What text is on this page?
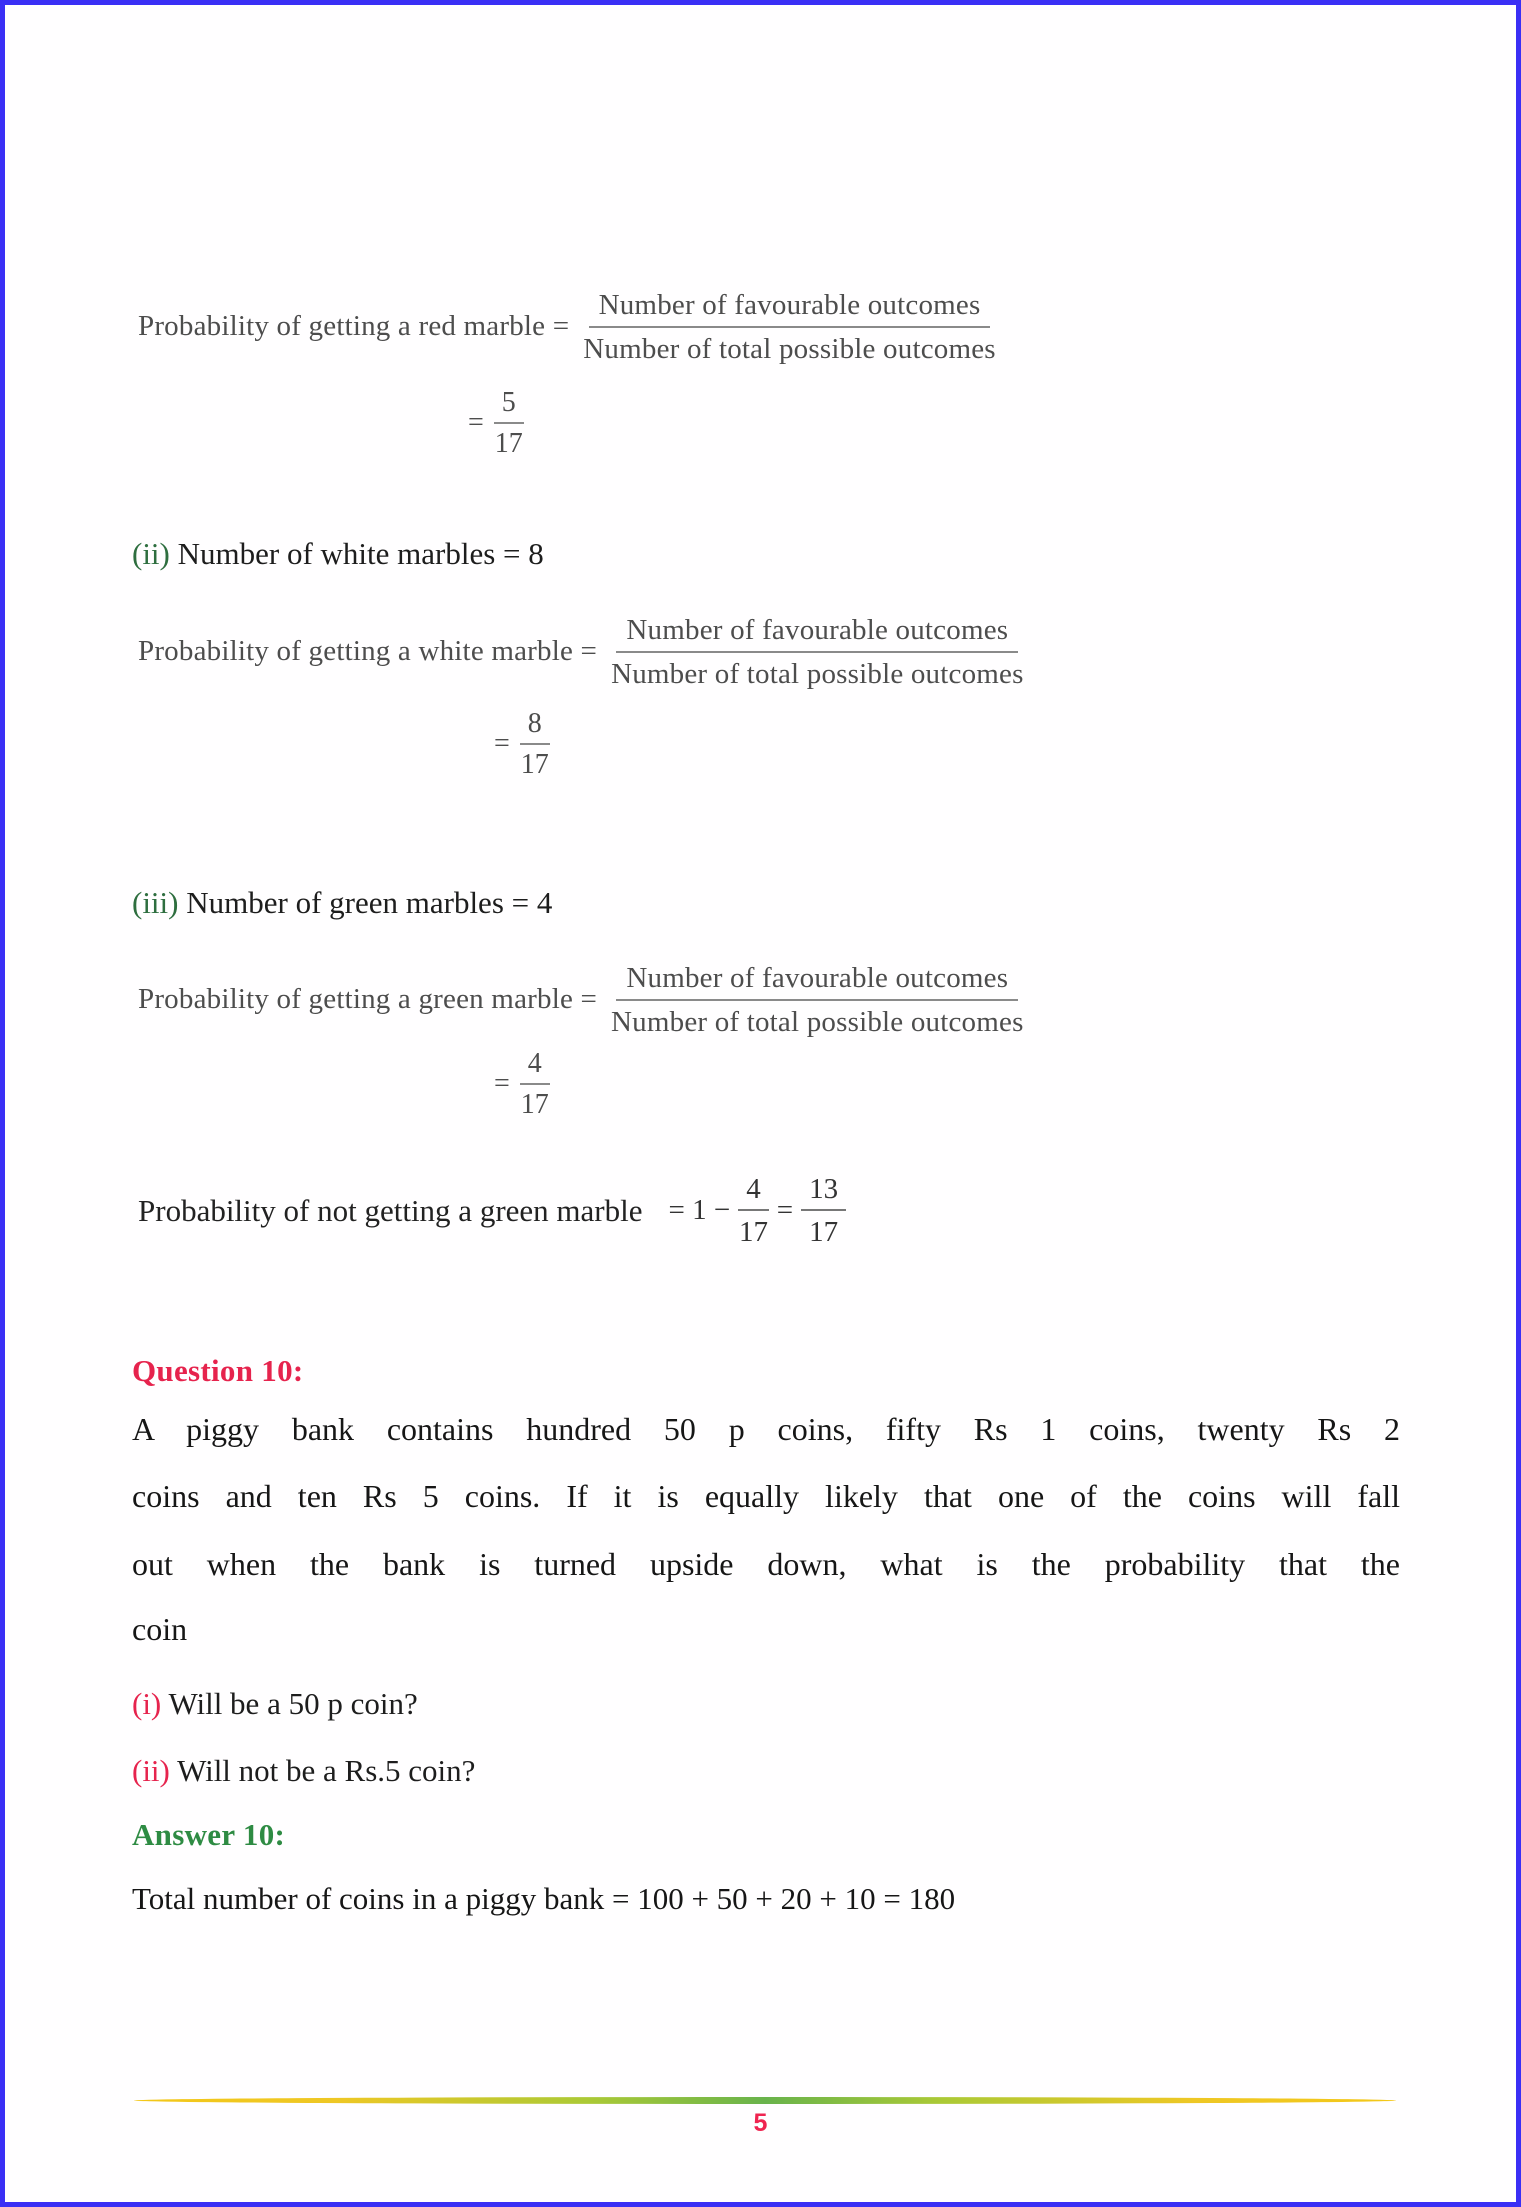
Probability of getting a red marble = $\frac{\text{Number of favourable outcomes}}{\text{Number of total possible outcomes}}$
= $\frac{5}{17}$
(ii) Number of white marbles = 8
Probability of getting a white marble = $\frac{\text{Number of favourable outcomes}}{\text{Number of total possible outcomes}}$
= $\frac{8}{17}$
(iii) Number of green marbles = 4
Probability of getting a green marble = $\frac{\text{Number of favourable outcomes}}{\text{Number of total possible outcomes}}$
= $\frac{4}{17}$
Probability of not getting a green marble = $1 - \frac{4}{17} = \frac{13}{17}$
Question 10:
A piggy bank contains hundred 50 p coins, fifty Rs 1 coins, twenty Rs 2
coins and ten Rs 5 coins. If it is equally likely that one of the coins will fall
out when the bank is turned upside down, what is the probability that the
coin
(i) Will be a 50 p coin?
(ii) Will not be a Rs.5 coin?
Answer 10:
Total number of coins in a piggy bank = 100 + 50 + 20 + 10 = 180
5
